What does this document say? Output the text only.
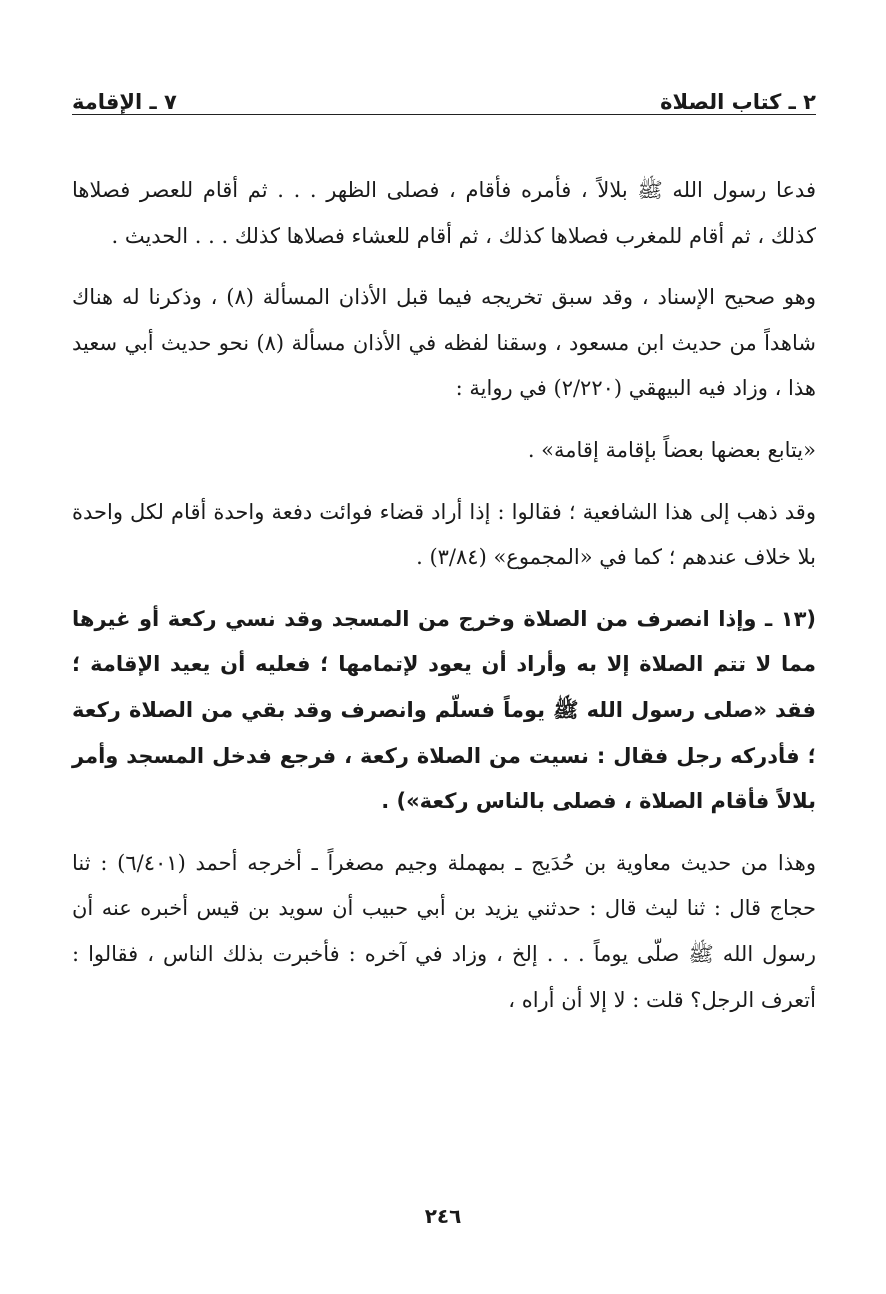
٢ ـ كتاب الصلاة
٧ ـ الإقامة

فدعا رسول الله ﷺ بلالاً ، فأمره فأقام ، فصلى الظهر . . . ثم أقام للعصر فصلاها كذلك ، ثم أقام للمغرب فصلاها كذلك ، ثم أقام للعشاء فصلاها كذلك . . . الحديث .

وهو صحيح الإسناد ، وقد سبق تخريجه فيما قبل الأذان المسألة (٨) ، وذكرنا له هناك شاهداً من حديث ابن مسعود ، وسقنا لفظه في الأذان مسألة (٨) نحو حديث أبي سعيد هذا ، وزاد فيه البيهقي (٢/٢٢٠) في رواية :

«يتابع بعضها بعضاً بإقامة إقامة» .

وقد ذهب إلى هذا الشافعية ؛ فقالوا : إذا أراد قضاء فوائت دفعة واحدة أقام لكل واحدة بلا خلاف عندهم ؛ كما في «المجموع» (٣/٨٤) .

(١٣ ـ وإذا انصرف من الصلاة وخرج من المسجد وقد نسي ركعة أو غيرها مما لا تتم الصلاة إلا به وأراد أن يعود لإتمامها ؛ فعليه أن يعيد الإقامة ؛ فقد «صلى رسول الله ﷺ يوماً فسلّم وانصرف وقد بقي من الصلاة ركعة ؛ فأدركه رجل فقال : نسيت من الصلاة ركعة ، فرجع فدخل المسجد وأمر بلالاً فأقام الصلاة ، فصلى بالناس ركعة») .

وهذا من حديث معاوية بن حُدَيج ـ بمهملة وجيم مصغراً ـ أخرجه أحمد (٦/٤٠١) : ثنا حجاج قال : ثنا ليث قال : حدثني يزيد بن أبي حبيب أن سويد بن قيس أخبره عنه أن رسول الله ﷺ صلّى يوماً . . . إلخ ، وزاد في آخره : فأخبرت بذلك الناس ، فقالوا : أتعرف الرجل؟ قلت : لا إلا أن أراه ،

٢٤٦
